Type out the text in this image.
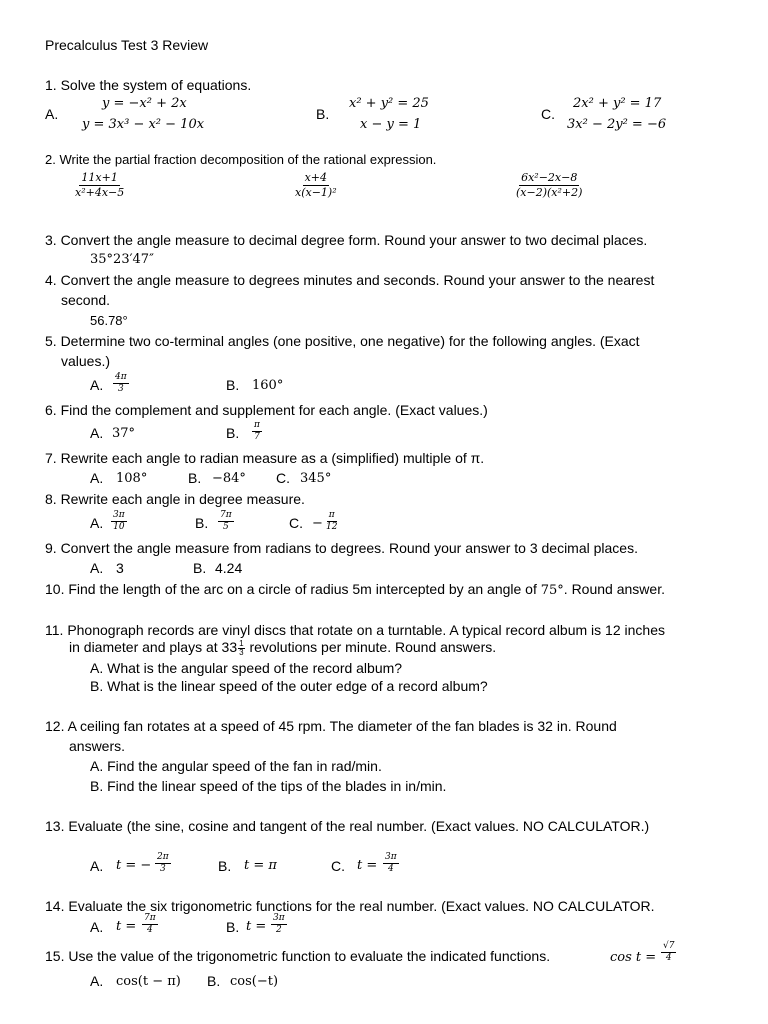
Precalculus Test 3 Review
1. Solve the system of equations.
A.
y = −x² + 2x
y = 3x³ − x² − 10x
B.
x² + y² = 25
x − y = 1
C.
2x² + y² = 17
3x² − 2y² = −6
2. Write the partial fraction decomposition of the rational expression.
$\frac{11x+1}{\text{x²+4x−5}}$	$\frac{x+4}{\text{x(x−1)²}}$	$\frac{\text{6x²−2x−8}}{\text{(x−2)(x²+2)}}$
3. Convert the angle measure to decimal degree form. Round your answer to two decimal places.
35°23′47″
4. Convert the angle measure to degrees minutes and seconds. Round your answer to the nearest
second.
56.78°
5. Determine two co-terminal angles (one positive, one negative) for the following angles. (Exact
values.)
A. $\frac{4\pi}{3}$	B. 160°
6. Find the complement and supplement for each angle. (Exact values.)
A. 37°	B. $\frac{\pi}{7}$
7. Rewrite each angle to radian measure as a (simplified) multiple of π.
A. 108°	B. −84° C. 345°
8. Rewrite each angle in degree measure.
A. $\frac{3\pi}{10}$	B. $\frac{7\pi}{5}$	C. − $\frac{\pi}{12}$
9. Convert the angle measure from radians to degrees. Round your answer to 3 decimal places.
A. 3	B. 4.24
10. Find the length of the arc on a circle of radius 5m intercepted by an angle of 75°. Round answer.
11. Phonograph records are vinyl discs that rotate on a turntable. A typical record album is 12 inches
in diameter and plays at $33 \frac{1}{3}$ revolutions per minute. Round answers.
A. What is the angular speed of the record album?
B. What is the linear speed of the outer edge of a record album?
12. A ceiling fan rotates at a speed of 45 rpm. The diameter of the fan blades is 32 in. Round
answers.
A. Find the angular speed of the fan in rad/min.
B. Find the linear speed of the tips of the blades in in/min.
13. Evaluate (the sine, cosine and tangent of the real number. (Exact values. NO CALCULATOR.)
A. t = − $\frac{2\pi}{3}$	B. t = π	C. $t = \frac{3\pi}{4}$
14. Evaluate the six trigonometric functions for the real number. (Exact values. NO CALCULATOR.
A. $t = \frac{7\pi}{4}$	B. $t = \frac{3\pi}{2}$
15. Use the value of the trigonometric function to evaluate the indicated functions.	$\cos t = \frac{√7}{4}$
A. cos(t − π) B. cos(−t)
